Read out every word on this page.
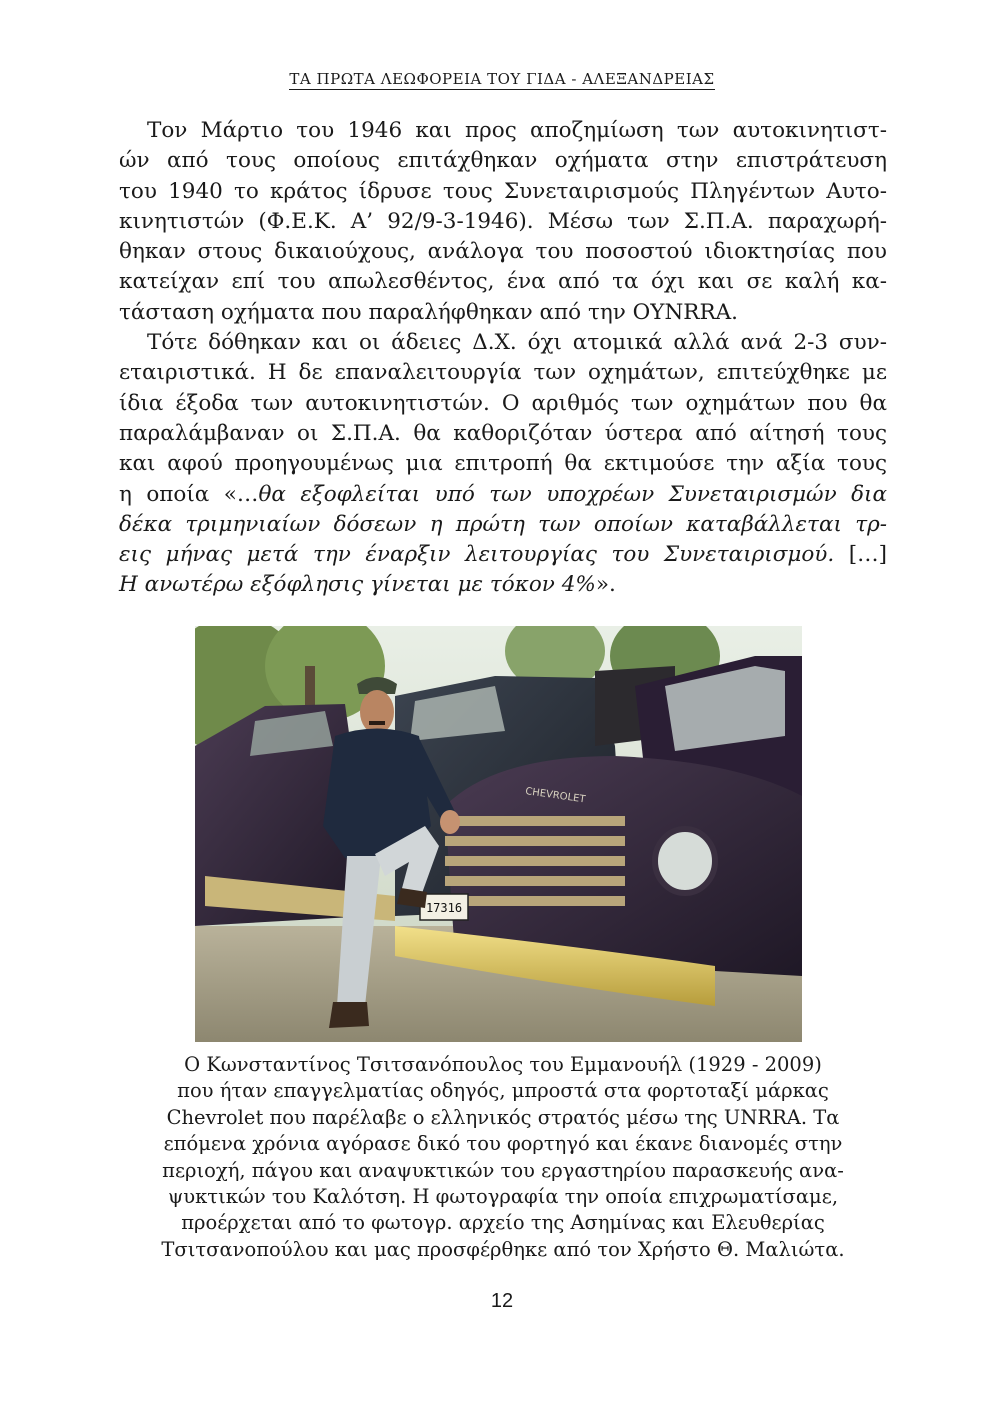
ΤΑ ΠΡΩΤΑ ΛΕΩΦΟΡΕΙΑ ΤΟΥ ΓΙΔΑ - ΑΛΕΞΑΝΔΡΕΙΑΣ
Τον Μάρτιο του 1946 και προς αποζημίωση των αυτοκινητιστ-
ών από τους οποίους επιτάχθηκαν οχήματα στην επιστράτευση
του 1940 το κράτος ίδρυσε τους Συνεταιρισμούς Πληγέντων Αυτο-
κινητιστών (Φ.Ε.Κ. Α’ 92/9-3-1946). Μέσω των Σ.Π.Α. παραχωρή-
θηκαν στους δικαιούχους, ανάλογα του ποσοστού ιδιοκτησίας που
κατείχαν επί του απωλεσθέντος, ένα από τα όχι και σε καλή κα-
τάσταση οχήματα που παραλήφθηκαν από την ΟΥNRRA.
Τότε δόθηκαν και οι άδειες Δ.Χ. όχι ατομικά αλλά ανά 2-3 συν-
εταιριστικά. Η δε επαναλειτουργία των οχημάτων, επιτεύχθηκε με
ίδια έξοδα των αυτοκινητιστών. Ο αριθμός των οχημάτων που θα
παραλάμβαναν οι Σ.Π.Α. θα καθοριζόταν ύστερα από αίτησή τους
και αφού προηγουμένως μια επιτροπή θα εκτιμούσε την αξία τους
η οποία «…θα εξοφλείται υπό των υποχρέων Συνεταιρισμών δια
δέκα τριμηνιαίων δόσεων η πρώτη των οποίων καταβάλλεται τρ-
εις μήνας μετά την έναρξιν λειτουργίας του Συνεταιρισμού. […]
Η ανωτέρω εξόφλησις γίνεται με τόκον 4%».
CHEVROLET
17316
Ο Κωνσταντίνος Τσιτσανόπουλος του Εμμανουήλ (1929 - 2009)
που ήταν επαγγελματίας οδηγός, μπροστά στα φορτοταξί μάρκας
Chevrolet που παρέλαβε ο ελληνικός στρατός μέσω της UNRRA. Τα
επόμενα χρόνια αγόρασε δικό του φορτηγό και έκανε διανομές στην
περιοχή, πάγου και αναψυκτικών του εργαστηρίου παρασκευής ανα-
ψυκτικών του Καλότση. Η φωτογραφία την οποία επιχρωματίσαμε,
προέρχεται από το φωτογρ. αρχείο της Ασημίνας και Ελευθερίας
Τσιτσανοπούλου και μας προσφέρθηκε από τον Χρήστο Θ. Μαλιώτα.
12
